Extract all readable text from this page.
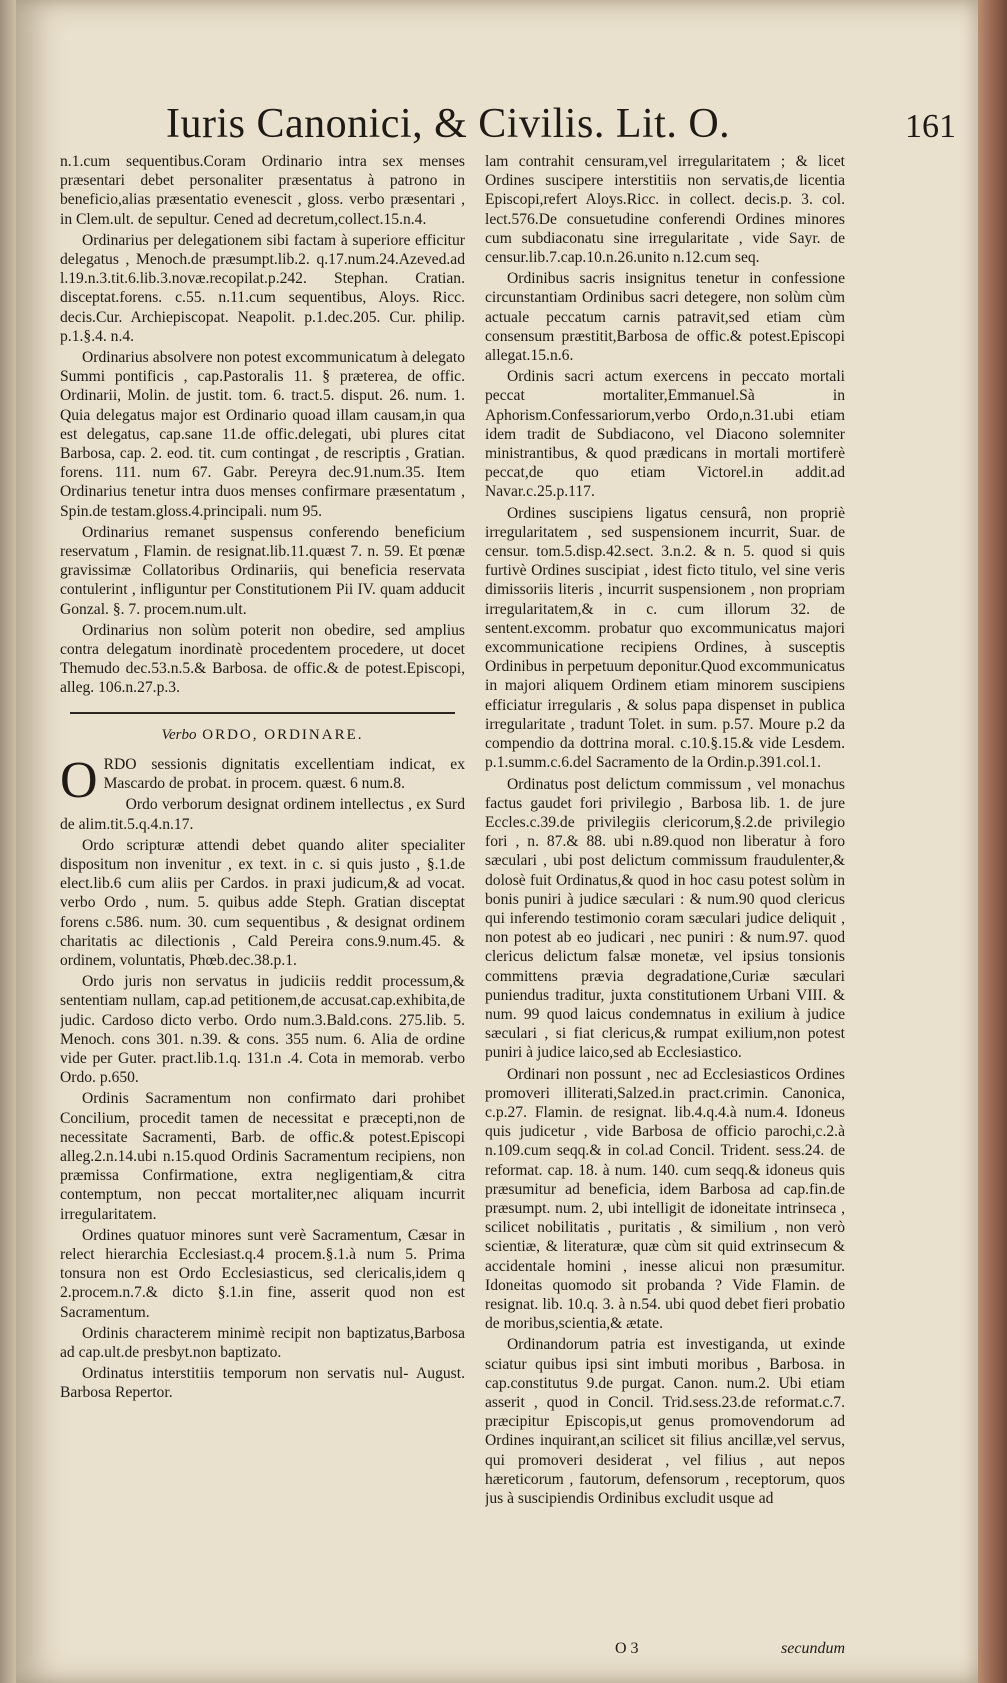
Iuris Canonici, & Civilis. Lit. O.	161

n.1.cum sequentibus.Coram Ordinario intra sex menses præsentari debet personaliter præsentatus à patrono in beneficio,alias præsentatio evenescit , gloss. verbo præsentari , in Clem.ult. de sepultur. Cened ad decretum,collect.15.n.4.

Ordinarius per delegationem sibi factam à superiore efficitur delegatus , Menoch.de præsumpt.lib.2. q.17.num.24.Azeved.ad l.19.n.3.tit.6.lib.3.novæ.recopilat.p.242. Stephan. Cratian. disceptat.forens. c.55. n.11.cum sequentibus, Aloys. Ricc. decis.Cur. Archiepiscopat. Neapolit. p.1.dec.205. Cur. philip. p.1.§.4. n.4.

Ordinarius absolvere non potest excommunicatum à delegato Summi pontificis , cap.Pastoralis 11. § præterea, de offic. Ordinarii, Molin. de justit. tom. 6. tract.5. disput. 26. num. 1. Quia delegatus major est Ordinario quoad illam causam,in qua est delegatus, cap.sane 11.de offic.delegati, ubi plures citat Barbosa, cap. 2. eod. tit. cum contingat , de rescriptis , Gratian. forens. 111. num 67. Gabr. Pereyra dec.91.num.35. Item Ordinarius tenetur intra duos menses confirmare præsentatum , Spin.de testam.gloss.4.principali. num 95.

Ordinarius remanet suspensus conferendo beneficium reservatum , Flamin. de resignat.lib.11.quæst 7. n. 59. Et pœnæ gravissimæ Collatoribus Ordinariis, qui beneficia reservata contulerint , infliguntur per Constitutionem Pii IV. quam adducit Gonzal. §. 7. procem.num.ult.

Ordinarius non solùm poterit non obedire, sed amplius contra delegatum inordinatè procedentem procedere, ut docet Themudo dec.53.n.5.& Barbosa. de offic.& de potest.Episcopi, alleg. 106.n.27.p.3.

Verbo ORDO, ORDINARE.

O RDO sessionis dignitatis excellentiam indicat, ex Mascardo de probat. in procem. quæst. 6 num.8.

Ordo verborum designat ordinem intellectus , ex Surd de alim.tit.5.q.4.n.17.

Ordo scripturæ attendi debet quando aliter specialiter dispositum non invenitur , ex text. in c. si quis justo , §.1.de elect.lib.6 cum aliis per Cardos. in praxi judicum,& ad vocat. verbo Ordo , num. 5. quibus adde Steph. Gratian disceptat forens c.586. num. 30. cum sequentibus , & designat ordinem charitatis ac dilectionis , Cald Pereira cons.9.num.45. & ordinem, voluntatis, Phœb.dec.38.p.1.

Ordo juris non servatus in judiciis reddit processum,& sententiam nullam, cap.ad petitionem,de accusat.cap.exhibita,de judic. Cardoso dicto verbo. Ordo num.3.Bald.cons. 275.lib. 5. Menoch. cons 301. n.39. & cons. 355 num. 6. Alia de ordine vide per Guter. pract.lib.1.q. 131.n .4. Cota in memorab. verbo Ordo. p.650.

Ordinis Sacramentum non confirmato dari prohibet Concilium, procedit tamen de necessitat e præcepti,non de necessitate Sacramenti, Barb. de offic.& potest.Episcopi alleg.2.n.14.ubi n.15.quod Ordinis Sacramentum recipiens, non præmissa Confirmatione, extra negligentiam,& citra contemptum, non peccat mortaliter,nec aliquam incurrit irregularitatem.

Ordines quatuor minores sunt verè Sacramentum, Cæsar in relect hierarchia Ecclesiast.q.4 procem.§.1.à num 5. Prima tonsura non est Ordo Ecclesiasticus, sed clericalis,idem q 2.procem.n.7.& dicto §.1.in fine, asserit quod non est Sacramentum.

Ordinis characterem minimè recipit non baptizatus,Barbosa ad cap.ult.de presbyt.non baptizato.

Ordinatus interstitiis temporum non servatis nul- August. Barbosa Repertor.

lam contrahit censuram,vel irregularitatem ; & licet Ordines suscipere interstitiis non servatis,de licentia Episcopi,refert Aloys.Ricc. in collect. decis.p. 3. col. lect.576.De consuetudine conferendi Ordines minores cum subdiaconatu sine irregularitate , vide Sayr. de censur.lib.7.cap.10.n.26.unito n.12.cum seq.

Ordinibus sacris insignitus tenetur in confessione circunstantiam Ordinibus sacri detegere, non solùm cùm actuale peccatum carnis patravit,sed etiam cùm consensum præstitit,Barbosa de offic.& potest.Episcopi allegat.15.n.6.

Ordinis sacri actum exercens in peccato mortali peccat mortaliter,Emmanuel.Sà in Aphorism.Confessariorum,verbo Ordo,n.31.ubi etiam idem tradit de Subdiacono, vel Diacono solemniter ministrantibus, & quod prædicans in mortali mortiferè peccat,de quo etiam Victorel.in addit.ad Navar.c.25.p.117.

Ordines suscipiens ligatus censurâ, non propriè irregularitatem , sed suspensionem incurrit, Suar. de censur. tom.5.disp.42.sect. 3.n.2. & n. 5. quod si quis furtivè Ordines suscipiat , idest ficto titulo, vel sine veris dimissoriis literis , incurrit suspensionem , non propriam irregularitatem,& in c. cum illorum 32. de sentent.excomm. probatur quo excommunicatus majori excommunicatione recipiens Ordines, à susceptis Ordinibus in perpetuum deponitur.Quod excommunicatus in majori aliquem Ordinem etiam minorem suscipiens efficiatur irregularis , & solus papa dispenset in publica irregularitate , tradunt Tolet. in sum. p.57. Moure p.2 da compendio da dottrina moral. c.10.§.15.& vide Lesdem. p.1.summ.c.6.del Sacramento de la Ordin.p.391.col.1.

Ordinatus post delictum commissum , vel monachus factus gaudet fori privilegio , Barbosa lib. 1. de jure Eccles.c.39.de privilegiis clericorum,§.2.de privilegio fori , n. 87.& 88. ubi n.89.quod non liberatur à foro sæculari , ubi post delictum commissum fraudulenter,& dolosè fuit Ordinatus,& quod in hoc casu potest solùm in bonis puniri à judice sæculari : & num.90 quod clericus qui inferendo testimonio coram sæculari judice deliquit , non potest ab eo judicari , nec puniri : & num.97. quod clericus delictum falsæ monetæ, vel ipsius tonsionis committens prævia degradatione,Curiæ sæculari puniendus traditur, juxta constitutionem Urbani VIII. & num. 99 quod laicus condemnatus in exilium à judice sæculari , si fiat clericus,& rumpat exilium,non potest puniri à judice laico,sed ab Ecclesiastico.

Ordinari non possunt , nec ad Ecclesiasticos Ordines promoveri illiterati,Salzed.in pract.crimin. Canonica, c.p.27. Flamin. de resignat. lib.4.q.4.à num.4. Idoneus quis judicetur , vide Barbosa de officio parochi,c.2.à n.109.cum seqq.& in col.ad Concil. Trident. sess.24. de reformat. cap. 18. à num. 140. cum seqq.& idoneus quis præsumitur ad beneficia, idem Barbosa ad cap.fin.de præsumpt. num. 2, ubi intelligit de idoneitate intrinseca , scilicet nobilitatis , puritatis , & similium , non verò scientiæ, & literaturæ, quæ cùm sit quid extrinsecum & accidentale homini , inesse alicui non præsumitur. Idoneitas quomodo sit probanda ? Vide Flamin. de resignat. lib. 10.q. 3. à n.54. ubi quod debet fieri probatio de moribus,scientia,& ætate.

Ordinandorum patria est investiganda, ut exinde sciatur quibus ipsi sint imbuti moribus , Barbosa. in cap.constitutus 9.de purgat. Canon. num.2. Ubi etiam asserit , quod in Concil. Trid.sess.23.de reformat.c.7. præcipitur Episcopis,ut genus promovendorum ad Ordines inquirant,an scilicet sit filius ancillæ,vel servus, qui promoveri desiderat , vel filius , aut nepos hæreticorum , fautorum, defensorum , receptorum, quos jus à suscipiendis Ordinibus excludit usque ad

O 3	secundum
